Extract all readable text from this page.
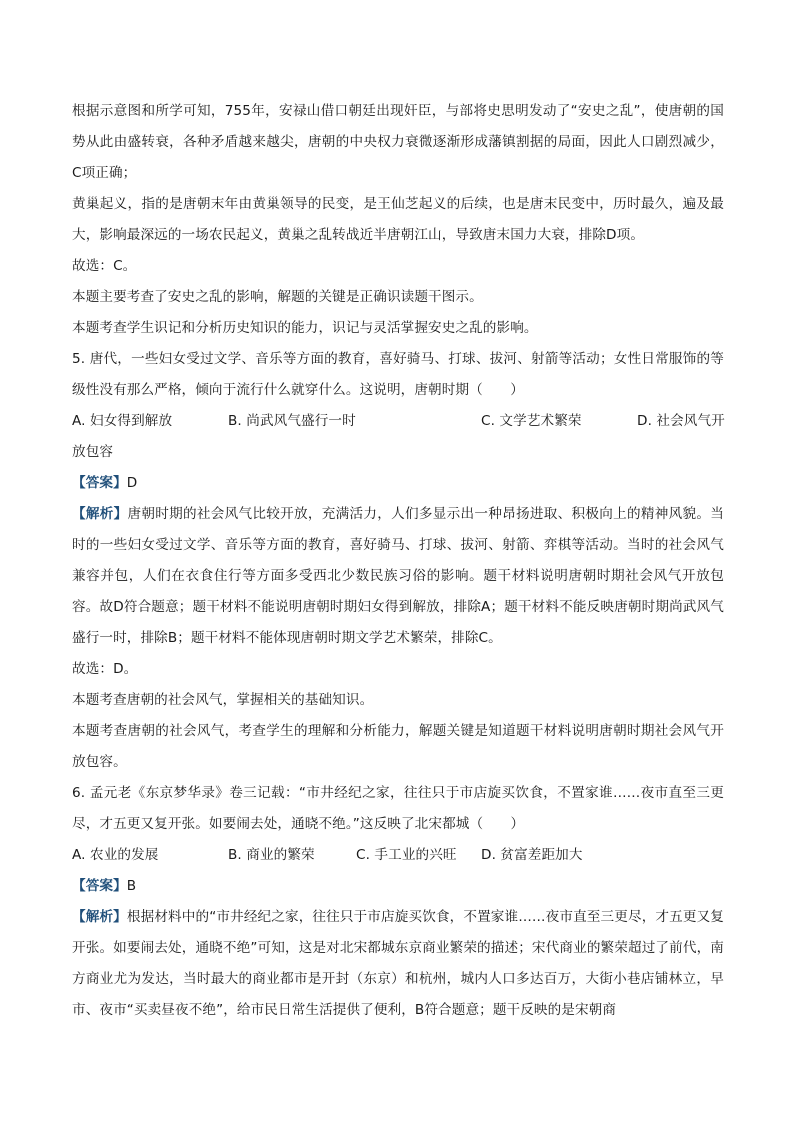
根据示意图和所学可知，755年，安禄山借口朝廷出现奸臣，与部将史思明发动了“安史之乱”，使唐朝的国势从此由盛转衰，各种矛盾越来越尖，唐朝的中央权力衰微逐渐形成藩镇割据的局面，因此人口剧烈减少，C项正确；

黄巢起义，指的是唐朝末年由黄巢领导的民变，是王仙芝起义的后续，也是唐末民变中，历时最久，遍及最大，影响最深远的一场农民起义，黄巢之乱转战近半唐朝江山，导致唐末国力大衰，排除D项。

故选：C。

本题主要考查了安史之乱的影响，解题的关键是正确识读题干图示。

本题考查学生识记和分析历史知识的能力，识记与灵活掌握安史之乱的影响。

5. 唐代，一些妇女受过文学、音乐等方面的教育，喜好骑马、打球、拔河、射箭等活动；女性日常服饰的等级性没有那么严格，倾向于流行什么就穿什么。这说明，唐朝时期（　　）

A. 妇女得到解放	B. 尚武风气盛行一时	C. 文学艺术繁荣	D. 社会风气开

放包容

【答案】D

【解析】唐朝时期的社会风气比较开放，充满活力，人们多显示出一种昂扬进取、积极向上的精神风貌。当时的一些妇女受过文学、音乐等方面的教育，喜好骑马、打球、拔河、射箭、弈棋等活动。当时的社会风气兼容并包，人们在衣食住行等方面多受西北少数民族习俗的影响。题干材料说明唐朝时期社会风气开放包容。故D符合题意；题干材料不能说明唐朝时期妇女得到解放，排除A；题干材料不能反映唐朝时期尚武风气盛行一时，排除B；题干材料不能体现唐朝时期文学艺术繁荣，排除C。

故选：D。

本题考查唐朝的社会风气，掌握相关的基础知识。

本题考查唐朝的社会风气，考查学生的理解和分析能力，解题关键是知道题干材料说明唐朝时期社会风气开放包容。

6. 孟元老《东京梦华录》卷三记载：“市井经纪之家，往往只于市店旋买饮食，不置家谁……夜市直至三更尽，才五更又复开张。如要闹去处，通晓不绝。”这反映了北宋都城（　　）

A. 农业的发展	B. 商业的繁荣	C. 手工业的兴旺	D. 贫富差距加大

【答案】B

【解析】根据材料中的“市井经纪之家，往往只于市店旋买饮食，不置家谁……夜市直至三更尽，才五更又复开张。如要闹去处，通晓不绝”可知，这是对北宋都城东京商业繁荣的描述；宋代商业的繁荣超过了前代，南方商业尤为发达，当时最大的商业都市是开封（东京）和杭州，城内人口多达百万，大街小巷店铺林立，早市、夜市“买卖昼夜不绝”，给市民日常生活提供了便利，B符合题意；题干反映的是宋朝商
